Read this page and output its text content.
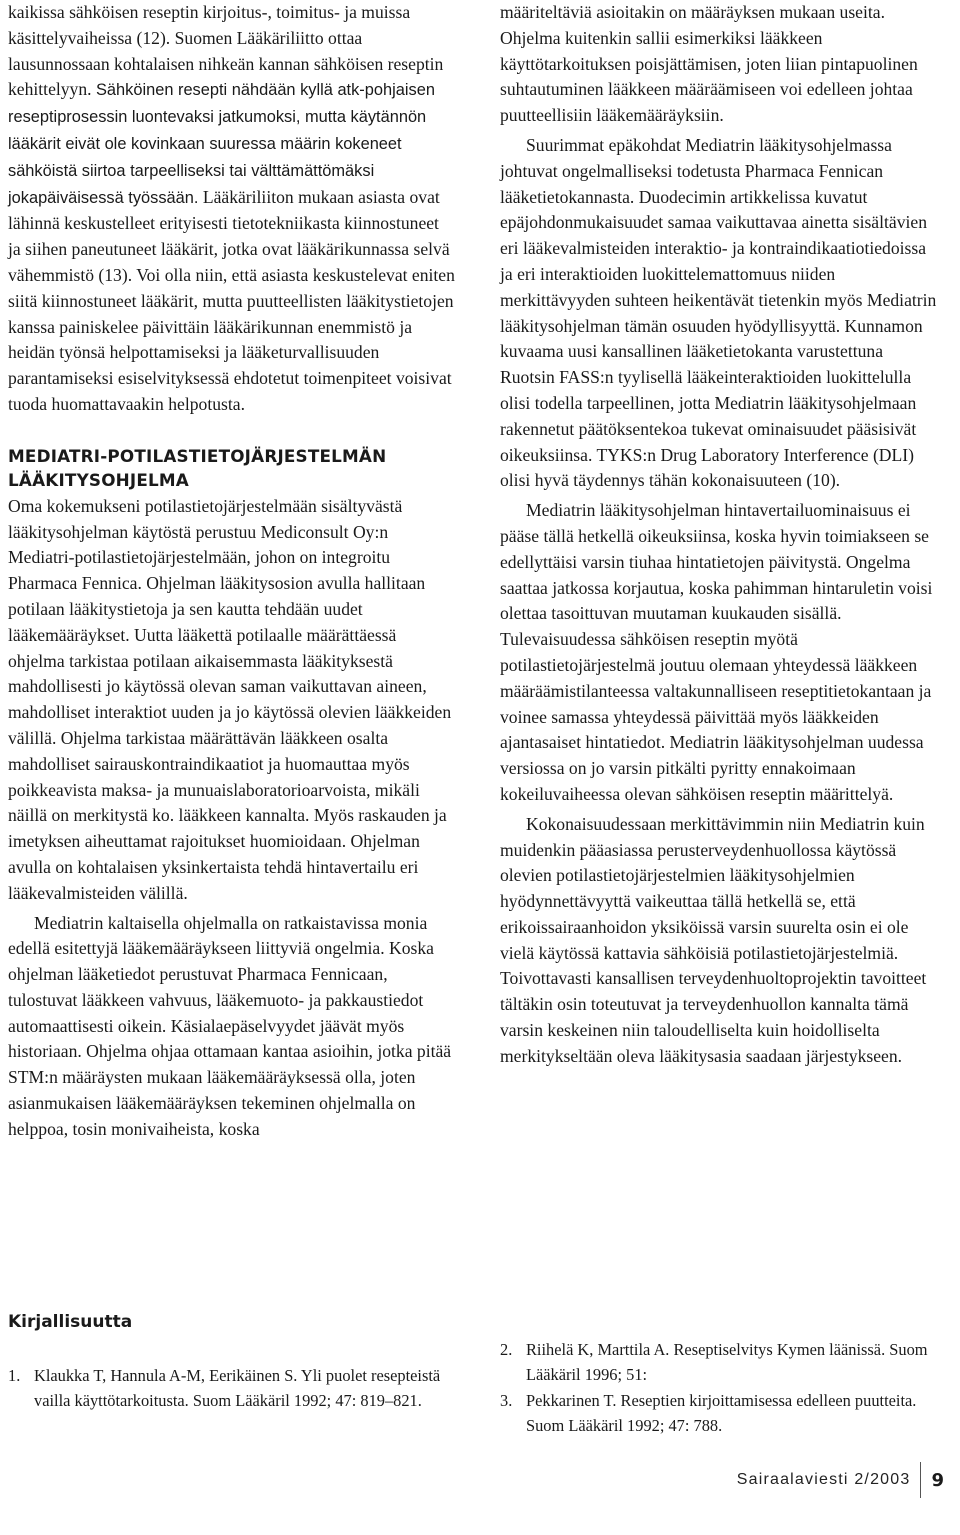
kaikissa sähköisen reseptin kirjoitus-, toimitus- ja muissa käsittelyvaiheissa (12). Suomen Lääkäriliitto ottaa lausunnossaan kohtalaisen nihkeän kannan sähköisen reseptin kehittelyyn. Sähköinen resepti nähdään kyllä atk-pohjaisen reseptiprosessin luontevaksi jatkumoksi, mutta käytännön lääkärit eivät ole kovinkaan suuressa määrin kokeneet sähköistä siirtoa tarpeelliseksi tai välttämättömäksi jokapäiväisessä työssään. Lääkäriliiton mukaan asiasta ovat lähinnä keskustelleet erityisesti tietotekniikasta kiinnostuneet ja siihen paneutuneet lääkärit, jotka ovat lääkärikunnassa selvä vähemmistö (13). Voi olla niin, että asiasta keskustelevat eniten siitä kiinnostuneet lääkärit, mutta puutteellisten lääkitystietojen kanssa painiskelee päivittäin lääkärikunnan enemmistö ja heidän työnsä helpottamiseksi ja lääketurvallisuuden parantamiseksi esiselvityksessä ehdotetut toimenpiteet voisivat tuoda huomattavaakin helpotusta.

MEDIATRI-POTILASTIETOJÄRJESTELMÄN
LÄÄKITYSOHJELMA

Oma kokemukseni potilastietojärjestelmään sisältyvästä lääkitysohjelman käytöstä perustuu Mediconsult Oy:n Mediatri-potilastietojärjestelmään, johon on integroitu Pharmaca Fennica. Ohjelman lääkitysosion avulla hallitaan potilaan lääkitystietoja ja sen kautta tehdään uudet lääkemääräykset. Uutta lääkettä potilaalle määrättäessä ohjelma tarkistaa potilaan aikaisemmasta lääkityksestä mahdollisesti jo käytössä olevan saman vaikuttavan aineen, mahdolliset interaktiot uuden ja jo käytössä olevien lääkkeiden välillä. Ohjelma tarkistaa määrättävän lääkkeen osalta mahdolliset sairauskontraindikaatiot ja huomauttaa myös poikkeavista maksa- ja munuaislaboratorioarvoista, mikäli näillä on merkitystä ko. lääkkeen kannalta. Myös raskauden ja imetyksen aiheuttamat rajoitukset huomioidaan. Ohjelman avulla on kohtalaisen yksinkertaista tehdä hintavertailu eri lääkevalmisteiden välillä.

Mediatrin kaltaisella ohjelmalla on ratkaistavissa monia edellä esitettyjä lääkemääräykseen liittyviä ongelmia. Koska ohjelman lääketiedot perustuvat Pharmaca Fennicaan, tulostuvat lääkkeen vahvuus, lääkemuoto- ja pakkaustiedot automaattisesti oikein. Käsialaepäselvyydet jäävät myös historiaan. Ohjelma ohjaa ottamaan kantaa asioihin, jotka pitää STM:n määräysten mukaan lääkemääräyksessä olla, joten asianmukaisen lääkemääräyksen tekeminen ohjelmalla on helppoa, tosin monivaiheista, koska

määriteltäviä asioitakin on määräyksen mukaan useita. Ohjelma kuitenkin sallii esimerkiksi lääkkeen käyttötarkoituksen poisjättämisen, joten liian pintapuolinen suhtautuminen lääkkeen määräämiseen voi edelleen johtaa puutteellisiin lääkemääräyksiin.

Suurimmat epäkohdat Mediatrin lääkitysohjelmassa johtuvat ongelmalliseksi todetusta Pharmaca Fennican lääketietokannasta. Duodecimin artikkelissa kuvatut epäjohdonmukaisuudet samaa vaikuttavaa ainetta sisältävien eri lääkevalmisteiden interaktio- ja kontraindikaatiotiedoissa ja eri interaktioiden luokittelemattomuus niiden merkittävyyden suhteen heikentävät tietenkin myös Mediatrin lääkitysohjelman tämän osuuden hyödyllisyyttä. Kunnamon kuvaama uusi kansallinen lääketietokanta varustettuna Ruotsin FASS:n tyylisellä lääkeinteraktioiden luokittelulla olisi todella tarpeellinen, jotta Mediatrin lääkitysohjelmaan rakennetut päätöksentekoa tukevat ominaisuudet pääsisivät oikeuksiinsa. TYKS:n Drug Laboratory Interference (DLI) olisi hyvä täydennys tähän kokonaisuuteen (10).

Mediatrin lääkitysohjelman hintavertailuominaisuus ei pääse tällä hetkellä oikeuksiinsa, koska hyvin toimiakseen se edellyttäisi varsin tiuhaa hintatietojen päivitystä. Ongelma saattaa jatkossa korjautua, koska pahimman hintaruletin voisi olettaa tasoittuvan muutaman kuukauden sisällä. Tulevaisuudessa sähköisen reseptin myötä potilastietojärjestelmä joutuu olemaan yhteydessä lääkkeen määräämistilanteessa valtakunnalliseen reseptitietokantaan ja voinee samassa yhteydessä päivittää myös lääkkeiden ajantasaiset hintatiedot. Mediatrin lääkitysohjelman uudessa versiossa on jo varsin pitkälti pyritty ennakoimaan kokeiluvaiheessa olevan sähköisen reseptin määrittelyä.

Kokonaisuudessaan merkittävimmin niin Mediatrin kuin muidenkin pääasiassa perusterveydenhuollossa käytössä olevien potilastietojärjestelmien lääkitysohjelmien hyödynnettävyyttä vaikeuttaa tällä hetkellä se, että erikoissairaanhoidon yksiköissä varsin suurelta osin ei ole vielä käytössä kattavia sähköisiä potilastietojärjestelmiä. Toivottavasti kansallisen terveydenhuoltoprojektin tavoitteet tältäkin osin toteutuvat ja terveydenhuollon kannalta tämä varsin keskeinen niin taloudelliselta kuin hoidolliselta merkitykseltään oleva lääkitysasia saadaan järjestykseen.

Kirjallisuutta
1. Klaukka T, Hannula A-M, Eerikäinen S. Yli puolet resepteistä vailla käyttötarkoitusta. Suom Lääkäril 1992; 47: 819–821.
2. Riihelä K, Marttila A. Reseptiselvitys Kymen läänissä. Suom Lääkäril 1996; 51:
3. Pekkarinen T. Reseptien kirjoittamisessa edelleen puutteita. Suom Lääkäril 1992; 47: 788.
Sairaalaviesti 2/2003	9
